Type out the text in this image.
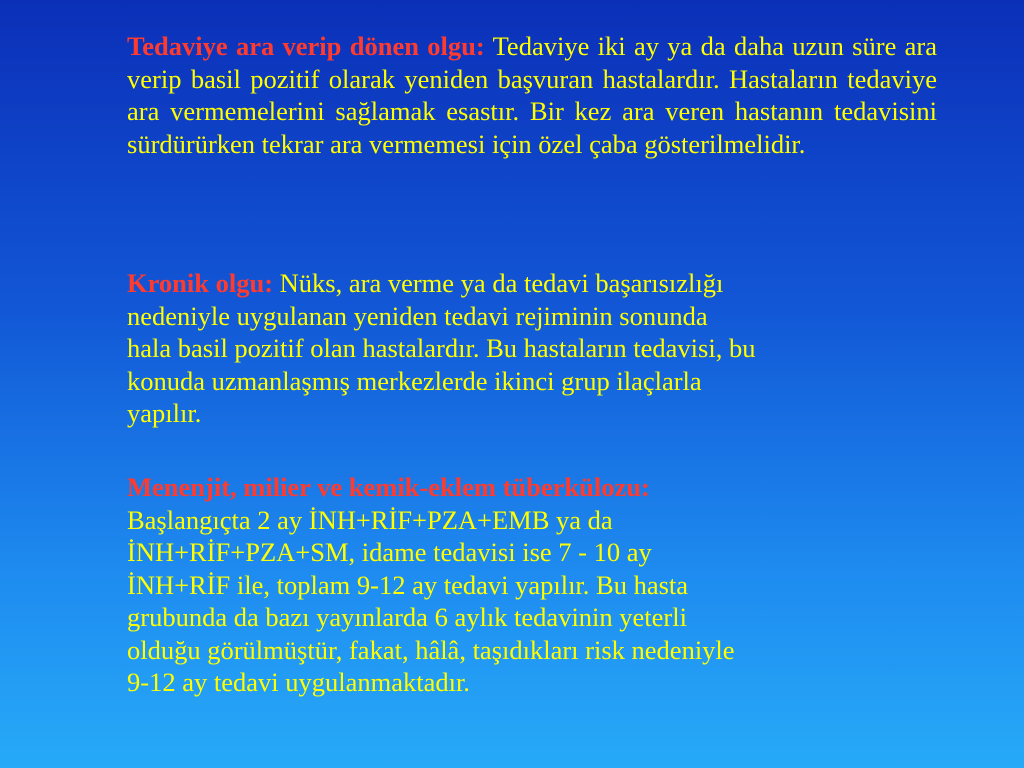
Tedaviye ara verip dönen olgu: Tedaviye iki ay ya da daha uzun süre ara verip basil pozitif olarak yeniden başvuran hastalardır. Hastaların tedaviye ara vermemelerini sağlamak esastır. Bir kez ara veren hastanın tedavisini sürdürürken tekrar ara vermemesi için özel çaba gösterilmelidir.

Kronik olgu: Nüks, ara verme ya da tedavi başarısızlığı
nedeniyle uygulanan yeniden tedavi rejiminin sonunda
hala basil pozitif olan hastalardır. Bu hastaların tedavisi, bu
konuda uzmanlaşmış merkezlerde ikinci grup ilaçlarla
yapılır.

Menenjit, milier ve kemik-eklem tüberkülozu:
Başlangıçta 2 ay İNH+RİF+PZA+EMB ya da
İNH+RİF+PZA+SM, idame tedavisi ise 7 - 10 ay
İNH+RİF ile, toplam 9-12 ay tedavi yapılır. Bu hasta
grubunda da bazı yayınlarda 6 aylık tedavinin yeterli
olduğu görülmüştür, fakat, hâlâ, taşıdıkları risk nedeniyle
9-12 ay tedavi uygulanmaktadır.
